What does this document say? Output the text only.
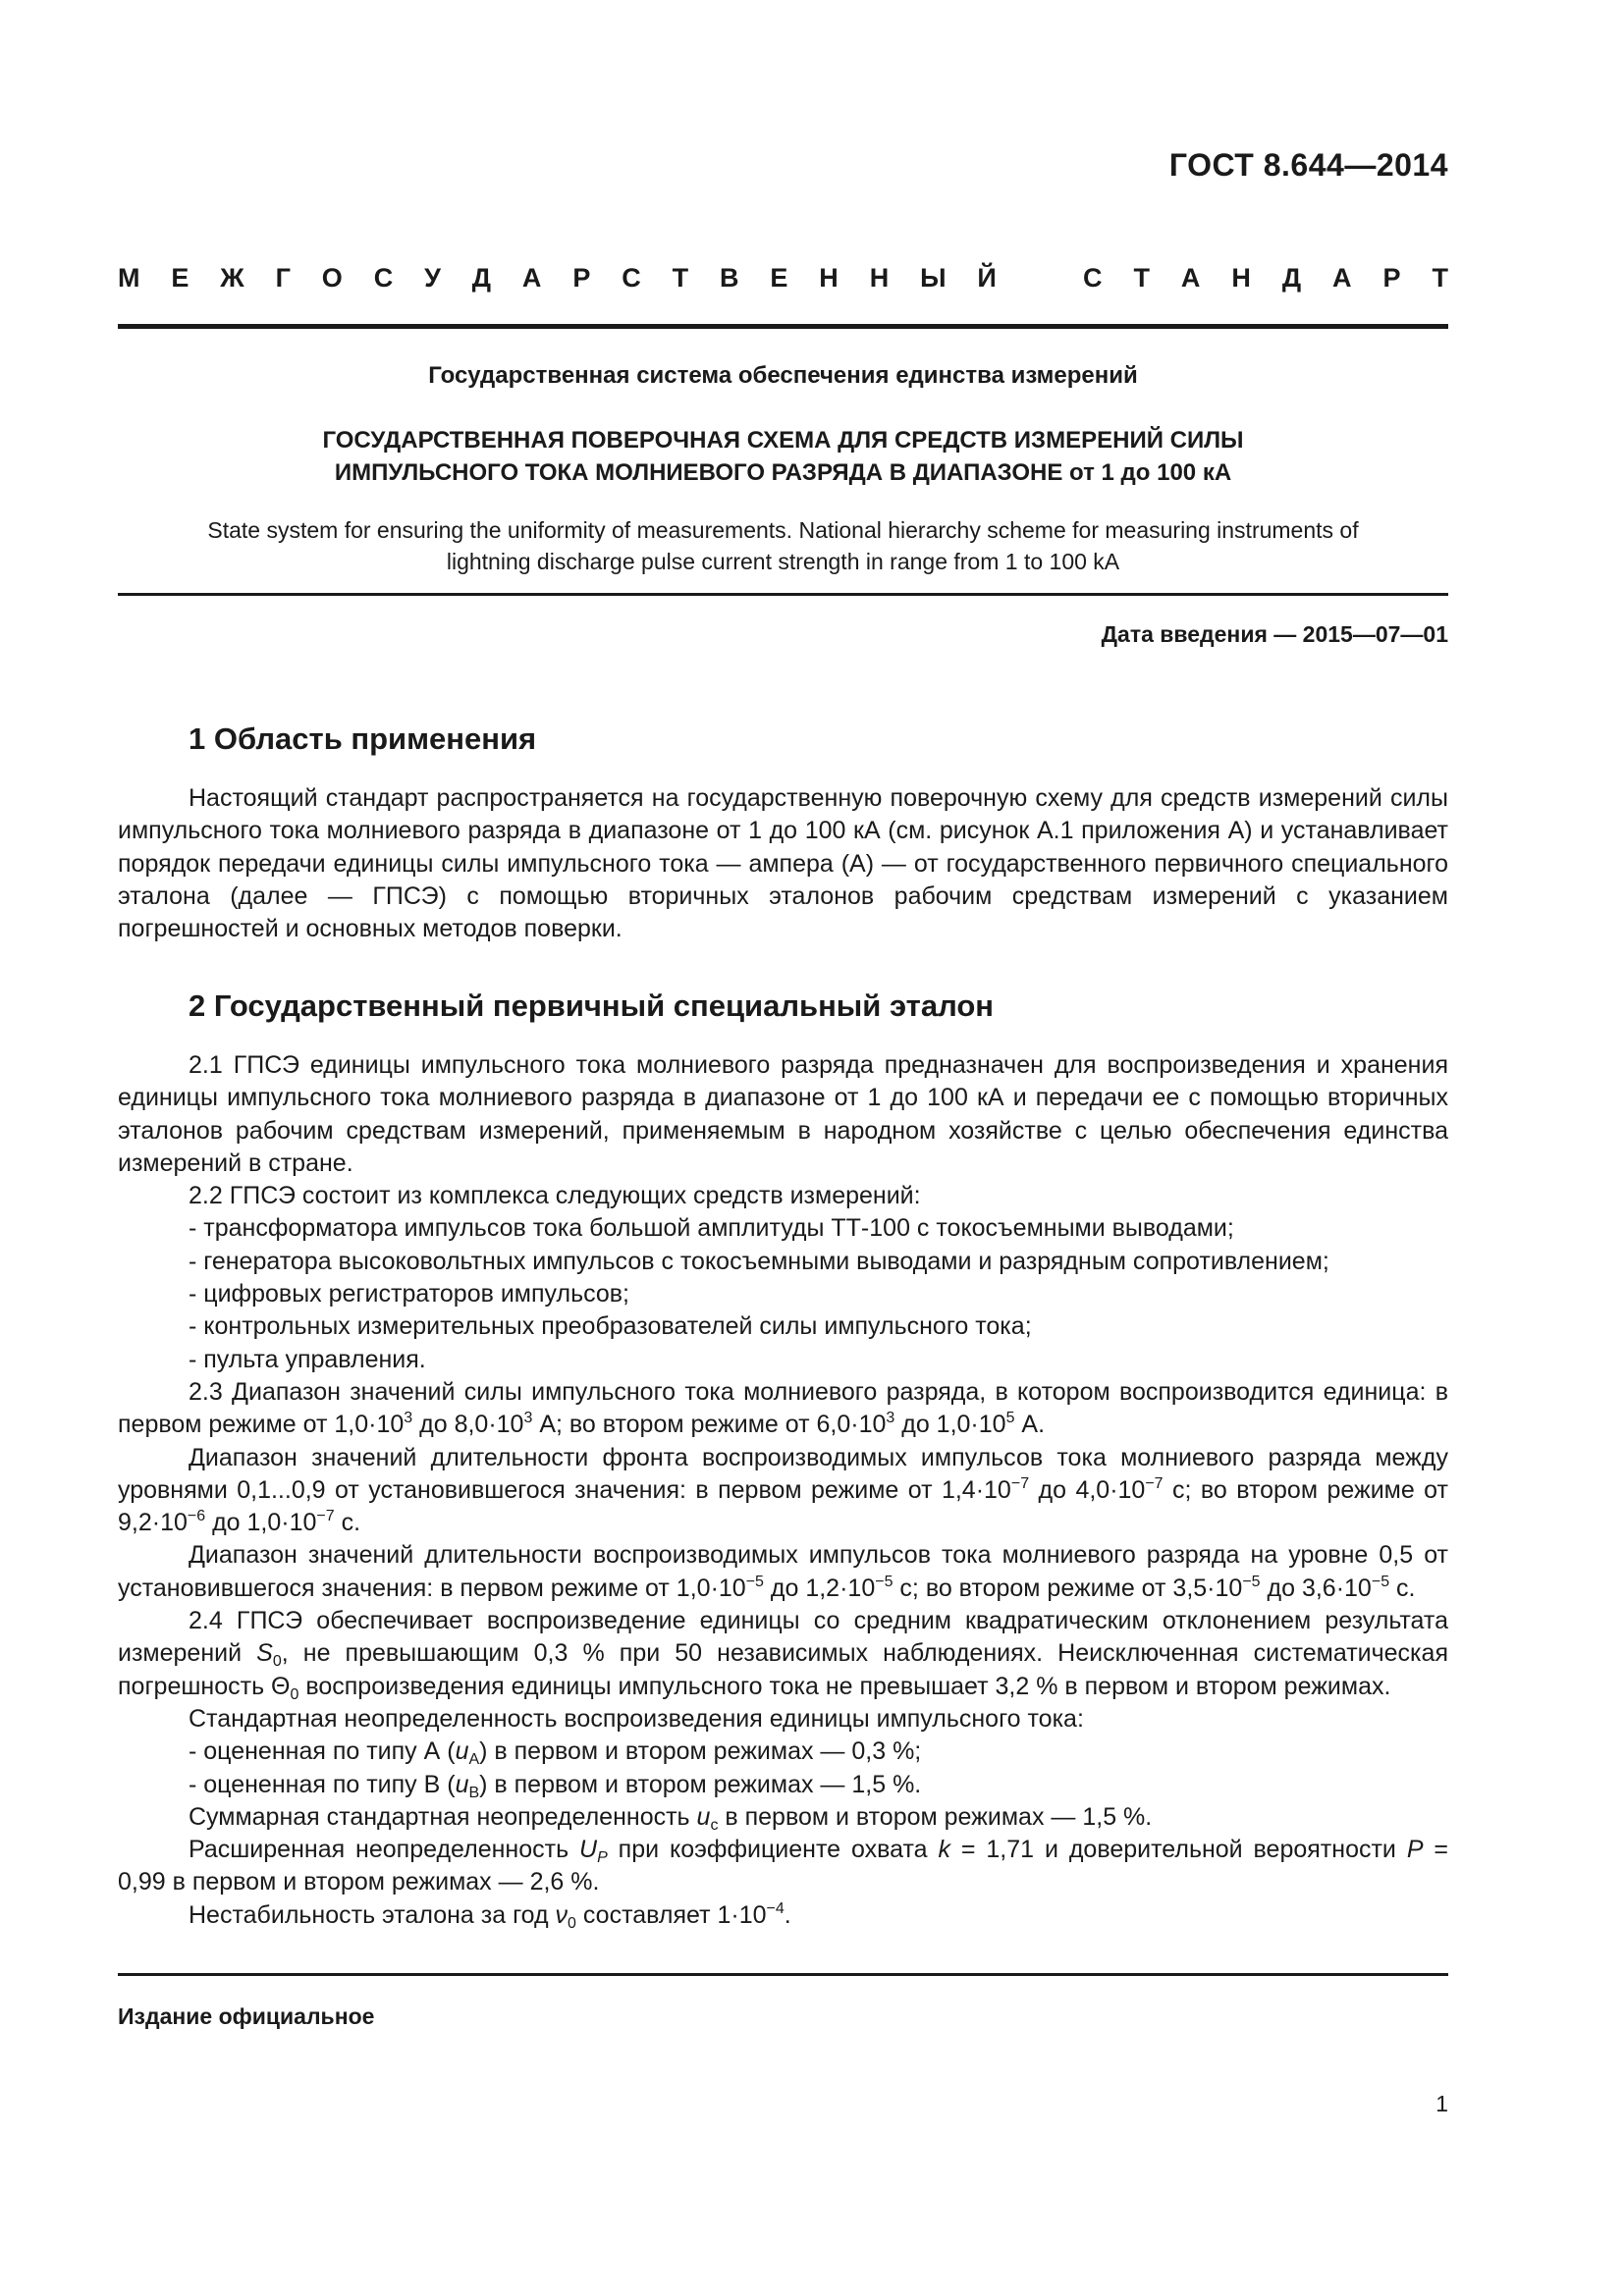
ГОСТ 8.644—2014
М Е Ж Г О С У Д А Р С Т В Е Н Н Ы Й	С Т А Н Д А Р Т
Государственная система обеспечения единства измерений
ГОСУДАРСТВЕННАЯ ПОВЕРОЧНАЯ СХЕМА ДЛЯ СРЕДСТВ ИЗМЕРЕНИЙ СИЛЫ
ИМПУЛЬСНОГО ТОКА МОЛНИЕВОГО РАЗРЯДА В ДИАПАЗОНЕ от 1 до 100 кА
State system for ensuring the uniformity of measurements. National hierarchy scheme for measuring instruments of
lightning discharge pulse current strength in range from 1 to 100 kA
Дата введения — 2015—07—01
1 Область применения

Настоящий стандарт распространяется на государственную поверочную схему для средств измерений силы импульсного тока молниевого разряда в диапазоне от 1 до 100 кА (см. рисунок А.1 приложения А) и устанавливает порядок передачи единицы силы импульсного тока — ампера (А) — от государственного первичного специального эталона (далее — ГПСЭ) с помощью вторичных эталонов рабочим средствам измерений с указанием погрешностей и основных методов поверки.

2 Государственный первичный специальный эталон

2.1 ГПСЭ единицы импульсного тока молниевого разряда предназначен для воспроизведения и хранения единицы импульсного тока молниевого разряда в диапазоне от 1 до 100 кА и передачи ее с помощью вторичных эталонов рабочим средствам измерений, применяемым в народном хозяйстве с целью обеспечения единства измерений в стране.

2.2 ГПСЭ состоит из комплекса следующих средств измерений:

- трансформатора импульсов тока большой амплитуды ТТ-100 с токосъемными выводами;

- генератора высоковольтных импульсов с токосъемными выводами и разрядным сопротивлением;

- цифровых регистраторов импульсов;

- контрольных измерительных преобразователей силы импульсного тока;

- пульта управления.

2.3 Диапазон значений силы импульсного тока молниевого разряда, в котором воспроизводится единица: в первом режиме от $1,0\cdot 10^3$ до $8,0\cdot 10^3$ А; во втором режиме от $6,0\cdot 10^3$ до $1,0\cdot 10^5$ А.

Диапазон значений длительности фронта воспроизводимых импульсов тока молниевого разряда между уровнями 0,1...0,9 от установившегося значения: в первом режиме от $1,4\cdot 10^{-7}$ до $4,0\cdot 10^{-7}$ с; во втором режиме от $9,2\cdot 10^{-6}$ до $1,0\cdot 10^{-7}$ с.

Диапазон значений длительности воспроизводимых импульсов тока молниевого разряда на уровне 0,5 от установившегося значения: в первом режиме от $1,0\cdot 10^{-5}$ до $1,2\cdot 10^{-5}$ с; во втором режиме от $3,5\cdot 10^{-5}$ до $3,6\cdot 10^{-5}$ с.

2.4 ГПСЭ обеспечивает воспроизведение единицы со средним квадратическим отклонением результата измерений $S_0$, не превышающим 0,3 % при 50 независимых наблюдениях. Неисключенная систематическая погрешность $\Theta_0$ воспроизведения единицы импульсного тока не превышает 3,2 % в первом и втором режимах.

Стандартная неопределенность воспроизведения единицы импульсного тока:

- оцененная по типу А $(u_A)$ в первом и втором режимах — 0,3 %;

- оцененная по типу В $(u_B)$ в первом и втором режимах — 1,5 %.

Суммарная стандартная неопределенность $u_c$ в первом и втором режимах — 1,5 %.

Расширенная неопределенность $U_P$ при коэффициенте охвата k = 1,71 и доверительной вероятности P = 0,99 в первом и втором режимах — 2,6 %.

Нестабильность эталона за год $\nu_0$ составляет $1\cdot 10^{-4}$.

Издание официальное
1
